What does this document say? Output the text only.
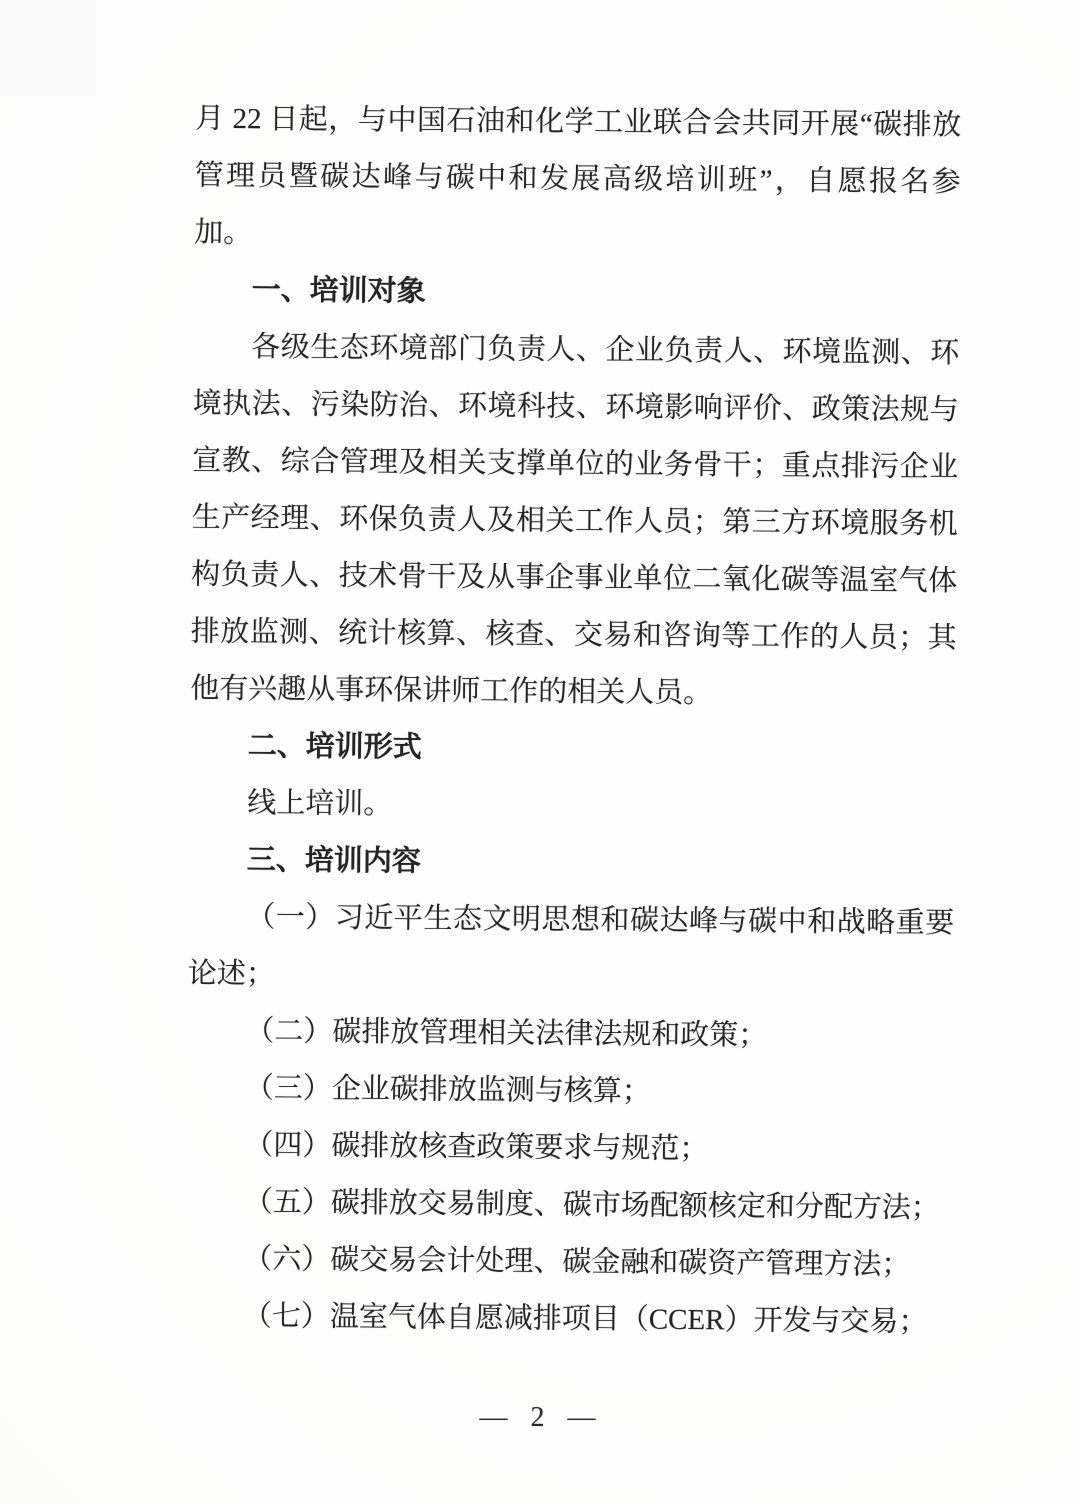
月 22 日起，与中国石油和化学工业联合会共同开展“碳排放管理员暨碳达峰与碳中和发展高级培训班”，自愿报名参加。

一、培训对象

各级生态环境部门负责人、企业负责人、环境监测、环境执法、污染防治、环境科技、环境影响评价、政策法规与宣教、综合管理及相关支撑单位的业务骨干；重点排污企业生产经理、环保负责人及相关工作人员；第三方环境服务机构负责人、技术骨干及从事企事业单位二氧化碳等温室气体排放监测、统计核算、核查、交易和咨询等工作的人员；其他有兴趣从事环保讲师工作的相关人员。

二、培训形式

线上培训。

三、培训内容

（一）习近平生态文明思想和碳达峰与碳中和战略重要论述；

（二）碳排放管理相关法律法规和政策；

（三）企业碳排放监测与核算；

（四）碳排放核查政策要求与规范；

（五）碳排放交易制度、碳市场配额核定和分配方法；

（六）碳交易会计处理、碳金融和碳资产管理方法；

（七）温室气体自愿减排项目（CCER）开发与交易；

— 2 —
